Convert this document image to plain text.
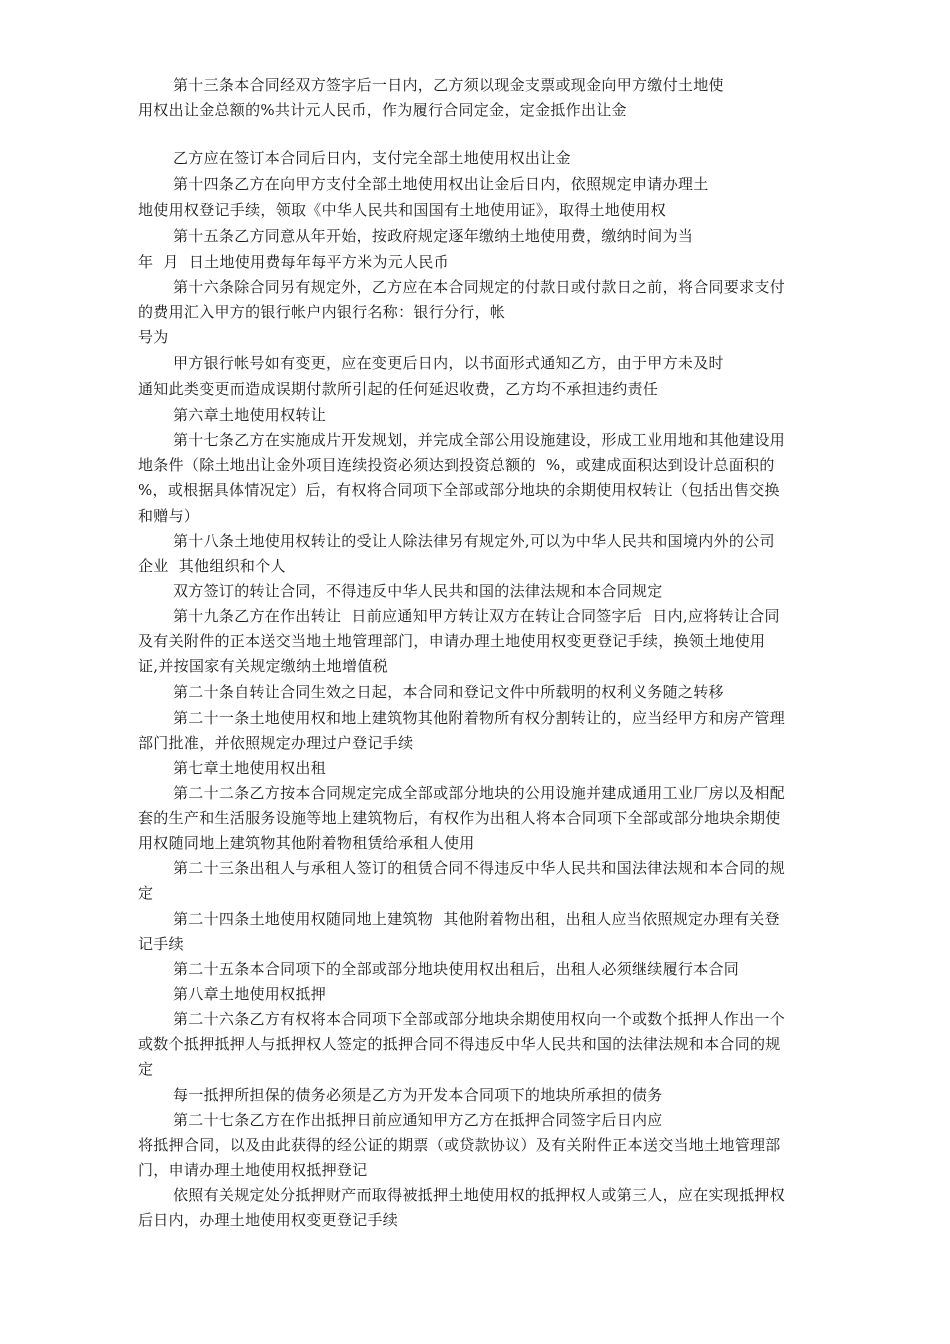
第十三条本合同经双方签字后一日内，乙方须以现金支票或现金向甲方缴付土地使
用权出让金总额的%共计元人民币，作为履行合同定金，定金抵作出让金
乙方应在签订本合同后日内，支付完全部土地使用权出让金
第十四条乙方在向甲方支付全部土地使用权出让金后日内，依照规定申请办理土
地使用权登记手续，领取《中华人民共和国国有土地使用证》，取得土地使用权
第十五条乙方同意从年开始，按政府规定逐年缴纳土地使用费，缴纳时间为当
年  月  日土地使用费每年每平方米为元人民币
第十六条除合同另有规定外，乙方应在本合同规定的付款日或付款日之前，将合同要求支付
的费用汇入甲方的银行帐户内银行名称：银行分行，帐
号为
甲方银行帐号如有变更，应在变更后日内，以书面形式通知乙方，由于甲方未及时
通知此类变更而造成误期付款所引起的任何延迟收费，乙方均不承担违约责任
第六章土地使用权转让
第十七条乙方在实施成片开发规划，并完成全部公用设施建设，形成工业用地和其他建设用
地条件（除土地出让金外项目连续投资必须达到投资总额的  %，或建成面积达到设计总面积的
%，或根据具体情况定）后，有权将合同项下全部或部分地块的余期使用权转让（包括出售交换
和赠与）
第十八条土地使用权转让的受让人除法律另有规定外,可以为中华人民共和国境内外的公司
企业  其他组织和个人
双方签订的转让合同，不得违反中华人民共和国的法律法规和本合同规定
第十九条乙方在作出转让  日前应通知甲方转让双方在转让合同签字后  日内,应将转让合同
及有关附件的正本送交当地土地管理部门，申请办理土地使用权变更登记手续，换领土地使用
证,并按国家有关规定缴纳土地增值税
第二十条自转让合同生效之日起，本合同和登记文件中所载明的权利义务随之转移
第二十一条土地使用权和地上建筑物其他附着物所有权分割转让的，应当经甲方和房产管理
部门批准，并依照规定办理过户登记手续
第七章土地使用权出租
第二十二条乙方按本合同规定完成全部或部分地块的公用设施并建成通用工业厂房以及相配
套的生产和生活服务设施等地上建筑物后，有权作为出租人将本合同项下全部或部分地块余期使
用权随同地上建筑物其他附着物租赁给承租人使用
第二十三条出租人与承租人签订的租赁合同不得违反中华人民共和国法律法规和本合同的规
定
第二十四条土地使用权随同地上建筑物  其他附着物出租，出租人应当依照规定办理有关登
记手续
第二十五条本合同项下的全部或部分地块使用权出租后，出租人必须继续履行本合同
第八章土地使用权抵押
第二十六条乙方有权将本合同项下全部或部分地块余期使用权向一个或数个抵押人作出一个
或数个抵押抵押人与抵押权人签定的抵押合同不得违反中华人民共和国的法律法规和本合同的规
定
每一抵押所担保的债务必须是乙方为开发本合同项下的地块所承担的债务
第二十七条乙方在作出抵押日前应通知甲方乙方在抵押合同签字后日内应
将抵押合同，以及由此获得的经公证的期票（或贷款协议）及有关附件正本送交当地土地管理部
门，申请办理土地使用权抵押登记
依照有关规定处分抵押财产而取得被抵押土地使用权的抵押权人或第三人，应在实现抵押权
后日内，办理土地使用权变更登记手续
